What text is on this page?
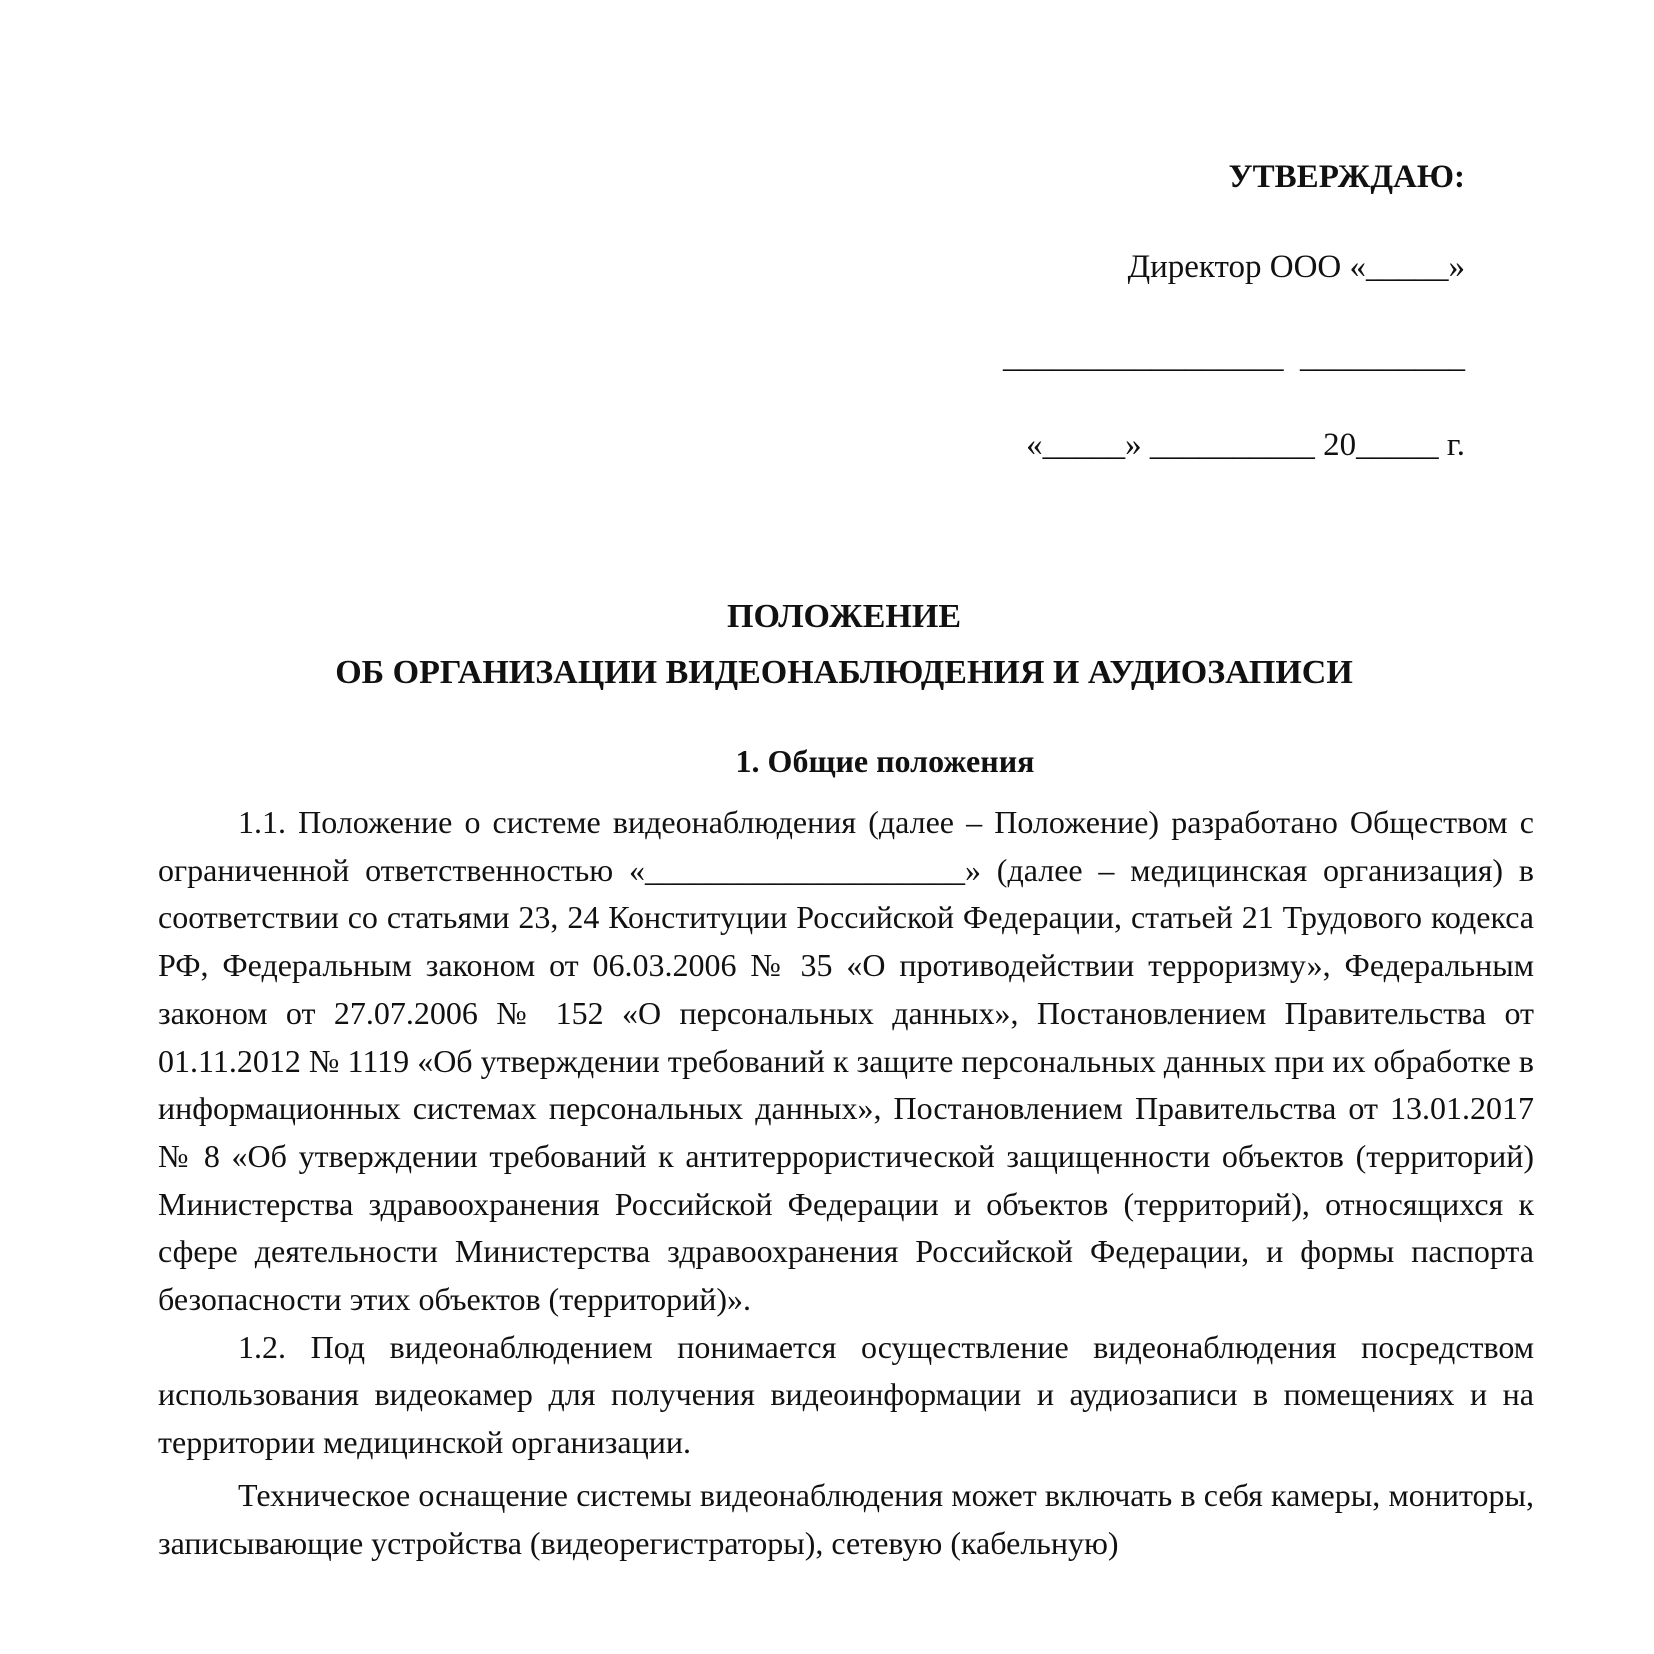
УТВЕРЖДАЮ:
Директор ООО «_____»
_________________  __________
«_____» __________ 20_____ г.
ПОЛОЖЕНИЕ
ОБ ОРГАНИЗАЦИИ ВИДЕОНАБЛЮДЕНИЯ И АУДИОЗАПИСИ
1. Общие положения

1.1. Положение о системе видеонаблюдения (далее – Положение) разработано Обществом с ограниченной ответственностью «____________________» (далее – медицинская организация) в соответствии со статьями 23, 24 Конституции Российской Федерации, статьей 21 Трудового кодекса РФ, Федеральным законом от 06.03.2006 № 35 «О противодействии терроризму», Федеральным законом от 27.07.2006 № 152 «О персональных данных», Постановлением Правительства от 01.11.2012 № 1119 «Об утверждении требований к защите персональных данных при их обработке в информационных системах персональных данных», Постановлением Правительства от 13.01.2017 № 8 «Об утверждении требований к антитеррористической защищенности объектов (территорий) Министерства здравоохранения Российской Федерации и объектов (территорий), относящихся к сфере деятельности Министерства здравоохранения Российской Федерации, и формы паспорта безопасности этих объектов (территорий)».

1.2. Под видеонаблюдением понимается осуществление видеонаблюдения посредством использования видеокамер для получения видеоинформации и аудиозаписи в помещениях и на территории медицинской организации.

Техническое оснащение системы видеонаблюдения может включать в себя камеры, мониторы, записывающие устройства (видеорегистраторы), сетевую (кабельную)
